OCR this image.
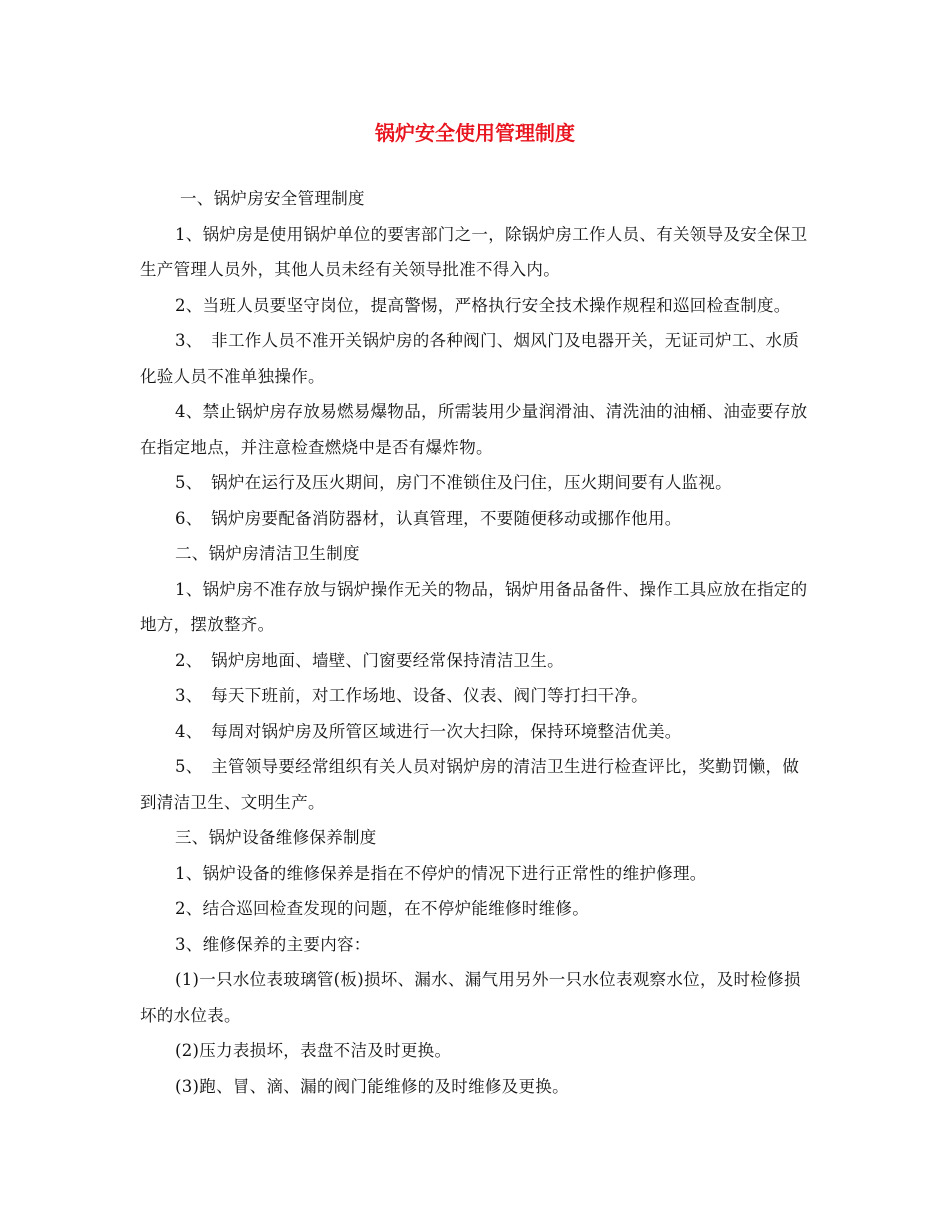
锅炉安全使用管理制度

一、锅炉房安全管理制度

1、锅炉房是使用锅炉单位的要害部门之一，除锅炉房工作人员、有关领导及安全保卫生产管理人员外，其他人员未经有关领导批准不得入内。

2、当班人员要坚守岗位，提高警惕，严格执行安全技术操作规程和巡回检查制度。

3、　非工作人员不准开关锅炉房的各种阀门、烟风门及电器开关，无证司炉工、水质化验人员不准单独操作。

4、禁止锅炉房存放易燃易爆物品，所需装用少量润滑油、清洗油的油桶、油壶要存放在指定地点，并注意检查燃烧中是否有爆炸物。

5、　锅炉在运行及压火期间，房门不准锁住及闩住，压火期间要有人监视。

6、　锅炉房要配备消防器材，认真管理，不要随便移动或挪作他用。

二、锅炉房清洁卫生制度

1、锅炉房不准存放与锅炉操作无关的物品，锅炉用备品备件、操作工具应放在指定的地方，摆放整齐。

2、　锅炉房地面、墙壁、门窗要经常保持清洁卫生。

3、　每天下班前，对工作场地、设备、仪表、阀门等打扫干净。

4、　每周对锅炉房及所管区域进行一次大扫除，保持环境整洁优美。

5、　主管领导要经常组织有关人员对锅炉房的清洁卫生进行检查评比，奖勤罚懒，做到清洁卫生、文明生产。

三、锅炉设备维修保养制度

1、锅炉设备的维修保养是指在不停炉的情况下进行正常性的维护修理。

2、结合巡回检查发现的问题，在不停炉能维修时维修。

3、维修保养的主要内容：

(1)一只水位表玻璃管(板)损坏、漏水、漏气用另外一只水位表观察水位，及时检修损坏的水位表。

(2)压力表损坏，表盘不洁及时更换。

(3)跑、冒、滴、漏的阀门能维修的及时维修及更换。
